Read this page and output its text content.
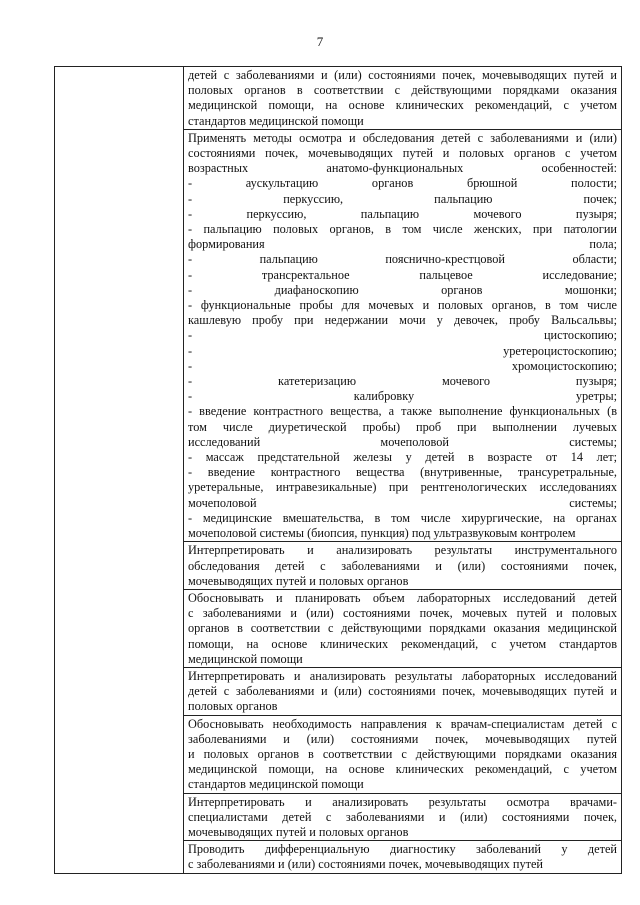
7

детей с заболеваниями и (или) состояниями почек, мочевыводящих путей и
половых органов в соответствии с действующими порядками оказания
медицинской помощи, на основе клинических рекомендаций, с учетом
стандартов медицинской помощи

Применять методы осмотра и обследования детей с заболеваниями и (или)
состояниями почек, мочевыводящих путей и половых органов с учетом
возрастных анатомо-функциональных особенностей:
- аускультацию органов брюшной полости;
- перкуссию, пальпацию почек;
- перкуссию, пальпацию мочевого пузыря;
- пальпацию половых органов, в том числе женских, при патологии
формирования пола;
- пальпацию пояснично-крестцовой области;
- трансректальное пальцевое исследование;
- диафаноскопию органов мошонки;
- функциональные пробы для мочевых и половых органов, в том числе
кашлевую пробу при недержании мочи у девочек, пробу Вальсальвы;
- цистоскопию;
- уретероцистоскопию;
- хромоцистоскопию;
- катетеризацию мочевого пузыря;
- калибровку уретры;
- введение контрастного вещества, а также выполнение функциональных (в
том числе диуретической пробы) проб при выполнении лучевых
исследований мочеполовой системы;
- массаж предстательной железы у детей в возрасте от 14 лет;
- введение контрастного вещества (внутривенные, трансуретральные,
уретеральные, интравезикальные) при рентгенологических исследованиях
мочеполовой системы;
- медицинские вмешательства, в том числе хирургические, на органах
мочеполовой системы (биопсия, пункция) под ультразвуковым контролем

Интерпретировать и анализировать результаты инструментального
обследования детей с заболеваниями и (или) состояниями почек,
мочевыводящих путей и половых органов

Обосновывать и планировать объем лабораторных исследований детей
с заболеваниями и (или) состояниями почек, мочевых путей и половых
органов в соответствии с действующими порядками оказания медицинской
помощи, на основе клинических рекомендаций, с учетом стандартов
медицинской помощи

Интерпретировать и анализировать результаты лабораторных исследований
детей с заболеваниями и (или) состояниями почек, мочевыводящих путей и
половых органов

Обосновывать необходимость направления к врачам-специалистам детей с
заболеваниями и (или) состояниями почек, мочевыводящих путей
и половых органов в соответствии с действующими порядками оказания
медицинской помощи, на основе клинических рекомендаций, с учетом
стандартов медицинской помощи

Интерпретировать и анализировать результаты осмотра врачами-
специалистами детей с заболеваниями и (или) состояниями почек,
мочевыводящих путей и половых органов

Проводить дифференциальную диагностику заболеваний у детей
с заболеваниями и (или) состояниями почек, мочевыводящих путей
